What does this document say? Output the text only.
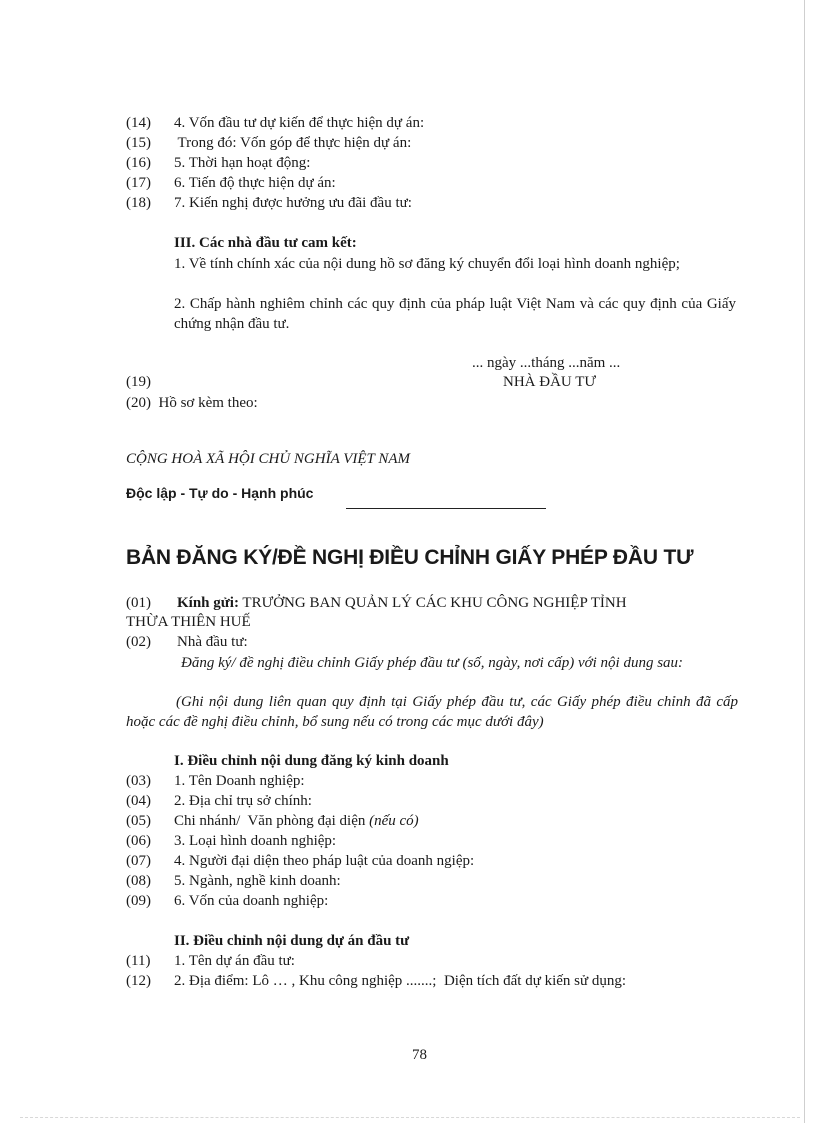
(14) 4. Vốn đầu tư dự kiến để thực hiện dự án:
(15) Trong đó: Vốn góp để thực hiện dự án:
(16) 5. Thời hạn hoạt động:
(17) 6. Tiến độ thực hiện dự án:
(18) 7. Kiến nghị được hưởng ưu đãi đầu tư:
III. Các nhà đầu tư cam kết:
1. Về tính chính xác của nội dung hồ sơ đăng ký chuyển đổi loại hình doanh nghiệp;
2. Chấp hành nghiêm chỉnh các quy định của pháp luật Việt Nam và các quy định của Giấy chứng nhận đầu tư.
... ngày ...tháng ...năm ...
(19)	NHÀ ĐẦU TƯ
(20)  Hồ sơ kèm theo:
CỘNG HOÀ XÃ HỘI CHỦ NGHĨA VIỆT NAM
Độc lập - Tự do - Hạnh phúc
BẢN ĐĂNG KÝ/ĐỀ NGHỊ ĐIỀU CHỈNH GIẤY PHÉP ĐẦU TƯ
(01) Kính gửi: TRƯỞNG BAN QUẢN LÝ CÁC KHU CÔNG NGHIỆP TỈNH
THỪA THIÊN HUẾ
(02) Nhà đầu tư:
Đăng ký/ đề nghị điều chỉnh Giấy phép đầu tư (số, ngày, nơi cấp) với nội dung sau:
(Ghi nội dung liên quan quy định tại Giấy phép đầu tư, các Giấy phép điều chỉnh đã cấp hoặc các đề nghị điều chỉnh, bổ sung nếu có trong các mục dưới đây)
I. Điều chỉnh nội dung đăng ký kinh doanh
(03) 1. Tên Doanh nghiệp:
(04) 2. Địa chỉ trụ sở chính:
(05) Chi nhánh/  Văn phòng đại diện (nếu có)
(06) 3. Loại hình doanh nghiệp:
(07) 4. Người đại diện theo pháp luật của doanh ngiệp:
(08) 5. Ngành, nghề kinh doanh:
(09) 6. Vốn của doanh nghiệp:
II. Điều chỉnh nội dung dự án đầu tư
(11) 1. Tên dự án đầu tư:
(12) 2. Địa điểm: Lô … , Khu công nghiệp .......;  Diện tích đất dự kiến sử dụng:
78
